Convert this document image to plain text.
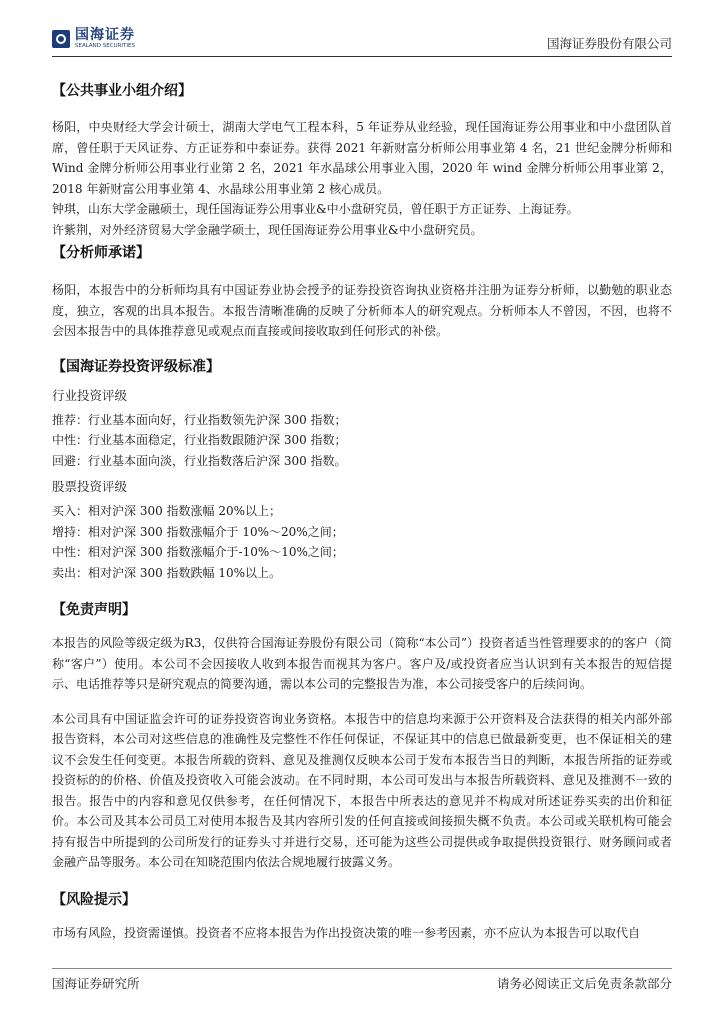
国海证券
SEALAND SECURITIES	国海证券股份有限公司
【公共事业小组介绍】

杨阳，中央财经大学会计硕士，湖南大学电气工程本科，5 年证券从业经验，现任国海证券公用事业和中小盘团队首席，曾任职于天风证券、方正证券和中泰证券。获得 2021 年新财富分析师公用事业第 4 名，21 世纪金牌分析师和 Wind 金牌分析师公用事业行业第 2 名，2021 年水晶球公用事业入围，2020 年 wind 金牌分析师公用事业第 2，2018 年新财富公用事业第 4、水晶球公用事业第 2 核心成员。

钟琪，山东大学金融硕士，现任国海证券公用事业&中小盘研究员，曾任职于方正证券、上海证券。

许紫荆，对外经济贸易大学金融学硕士，现任国海证券公用事业&中小盘研究员。

【分析师承诺】

杨阳，本报告中的分析师均具有中国证券业协会授予的证券投资咨询执业资格并注册为证券分析师，以勤勉的职业态度，独立，客观的出具本报告。本报告清晰准确的反映了分析师本人的研究观点。分析师本人不曾因，不因，也将不会因本报告中的具体推荐意见或观点而直接或间接收取到任何形式的补偿。

【国海证券投资评级标准】

行业投资评级

推荐：行业基本面向好，行业指数领先沪深 300 指数；

中性：行业基本面稳定，行业指数跟随沪深 300 指数；

回避：行业基本面向淡，行业指数落后沪深 300 指数。

股票投资评级

买入：相对沪深 300 指数涨幅 20%以上；

增持：相对沪深 300 指数涨幅介于 10%～20%之间；

中性：相对沪深 300 指数涨幅介于-10%～10%之间；

卖出：相对沪深 300 指数跌幅 10%以上。

【免责声明】

本报告的风险等级定级为R3，仅供符合国海证券股份有限公司（简称“本公司”）投资者适当性管理要求的的客户（简称“客户”）使用。本公司不会因接收人收到本报告而视其为客户。客户及/或投资者应当认识到有关本报告的短信提示、电话推荐等只是研究观点的简要沟通，需以本公司的完整报告为准，本公司接受客户的后续问询。

本公司具有中国证监会许可的证券投资咨询业务资格。本报告中的信息均来源于公开资料及合法获得的相关内部外部报告资料，本公司对这些信息的准确性及完整性不作任何保证，不保证其中的信息已做最新变更，也不保证相关的建议不会发生任何变更。本报告所载的资料、意见及推测仅反映本公司于发布本报告当日的判断，本报告所指的证券或投资标的的价格、价值及投资收入可能会波动。在不同时期，本公司可发出与本报告所载资料、意见及推测不一致的报告。报告中的内容和意见仅供参考，在任何情况下，本报告中所表达的意见并不构成对所述证券买卖的出价和征价。本公司及其本公司员工对使用本报告及其内容所引发的任何直接或间接损失概不负责。本公司或关联机构可能会持有报告中所提到的公司所发行的证券头寸并进行交易，还可能为这些公司提供或争取提供投资银行、财务顾问或者金融产品等服务。本公司在知晓范围内依法合规地履行披露义务。

【风险提示】

市场有风险，投资需谨慎。投资者不应将本报告为作出投资决策的唯一参考因素，亦不应认为本报告可以取代自

国海证券研究所	请务必阅读正文后免责条款部分
